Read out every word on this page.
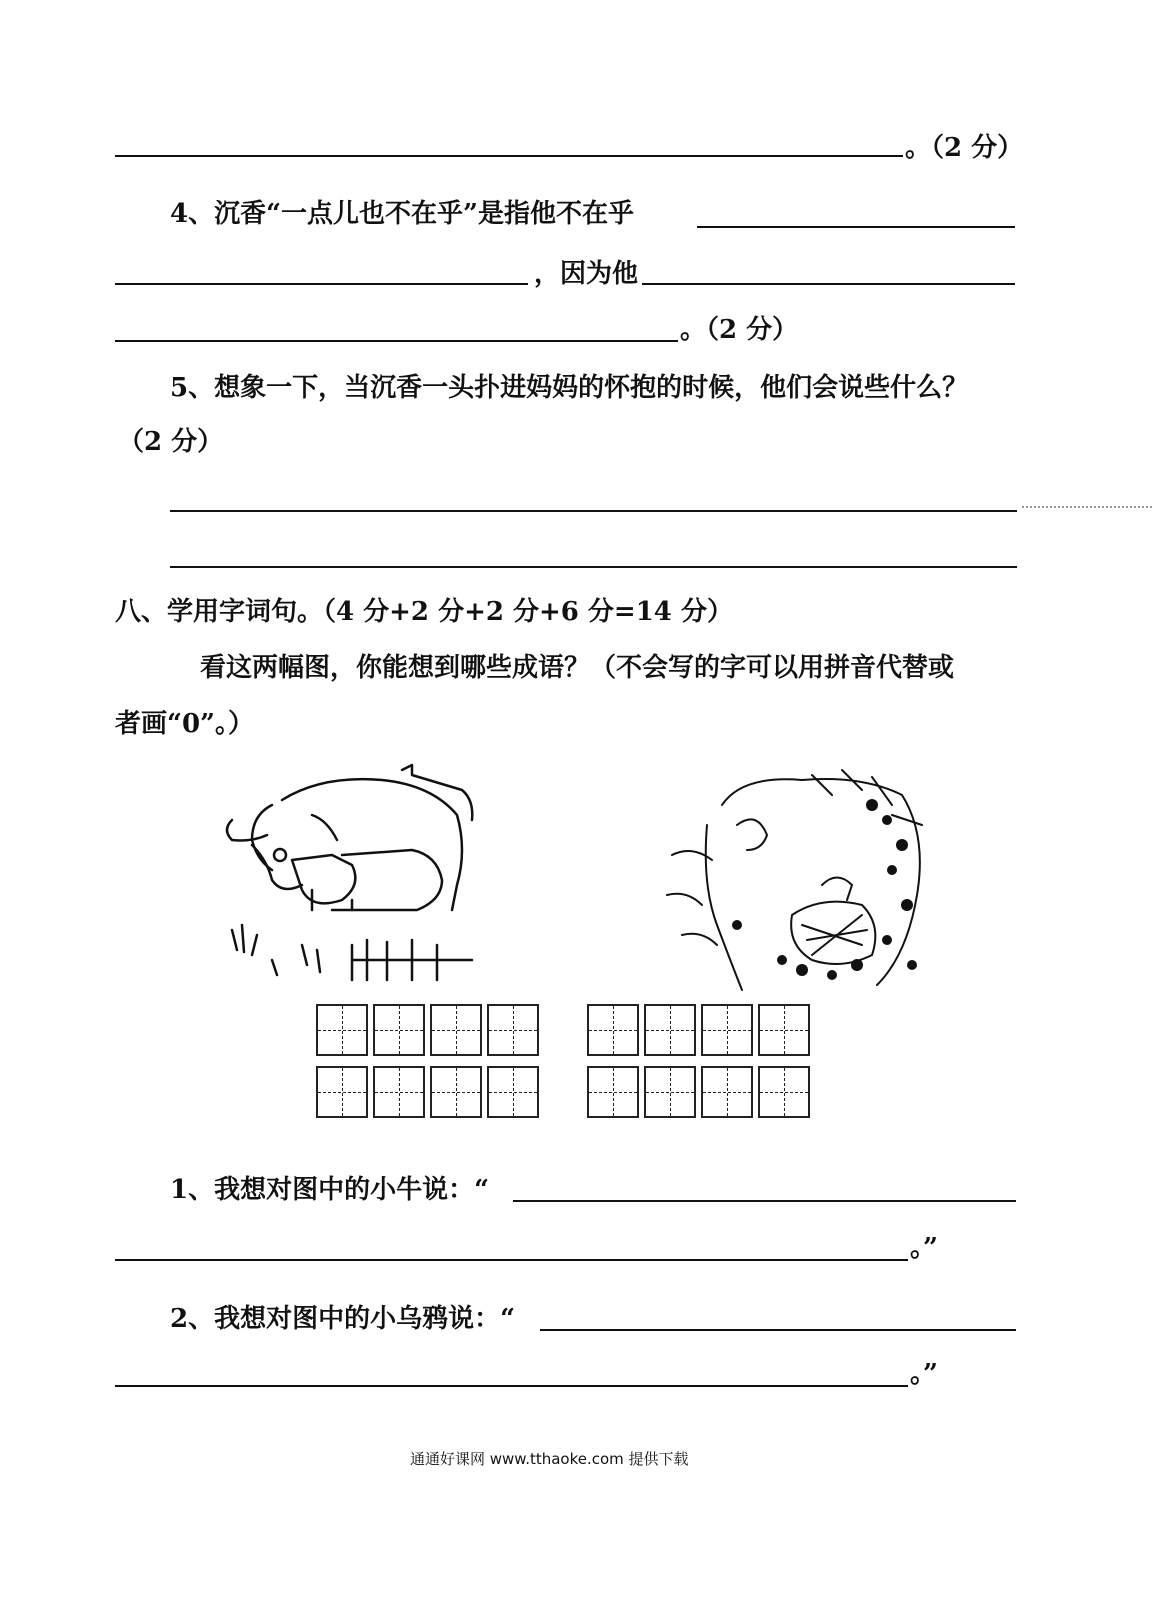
。（2 分）
4、沉香“一点儿也不在乎”是指他不在乎
，因为他
。（2 分）
5、想象一下，当沉香一头扑进妈妈的怀抱的时候，他们会说些什么？
（2 分）
八、学用字词句。（4 分+2 分+2 分+6 分=14 分）
看这两幅图，你能想到哪些成语？（不会写的字可以用拼音代替或
者画“0”。）
1、我想对图中的小牛说：“
。”
2、我想对图中的小乌鸦说：“
。”
通通好课网 www.tthaoke.com 提供下载
